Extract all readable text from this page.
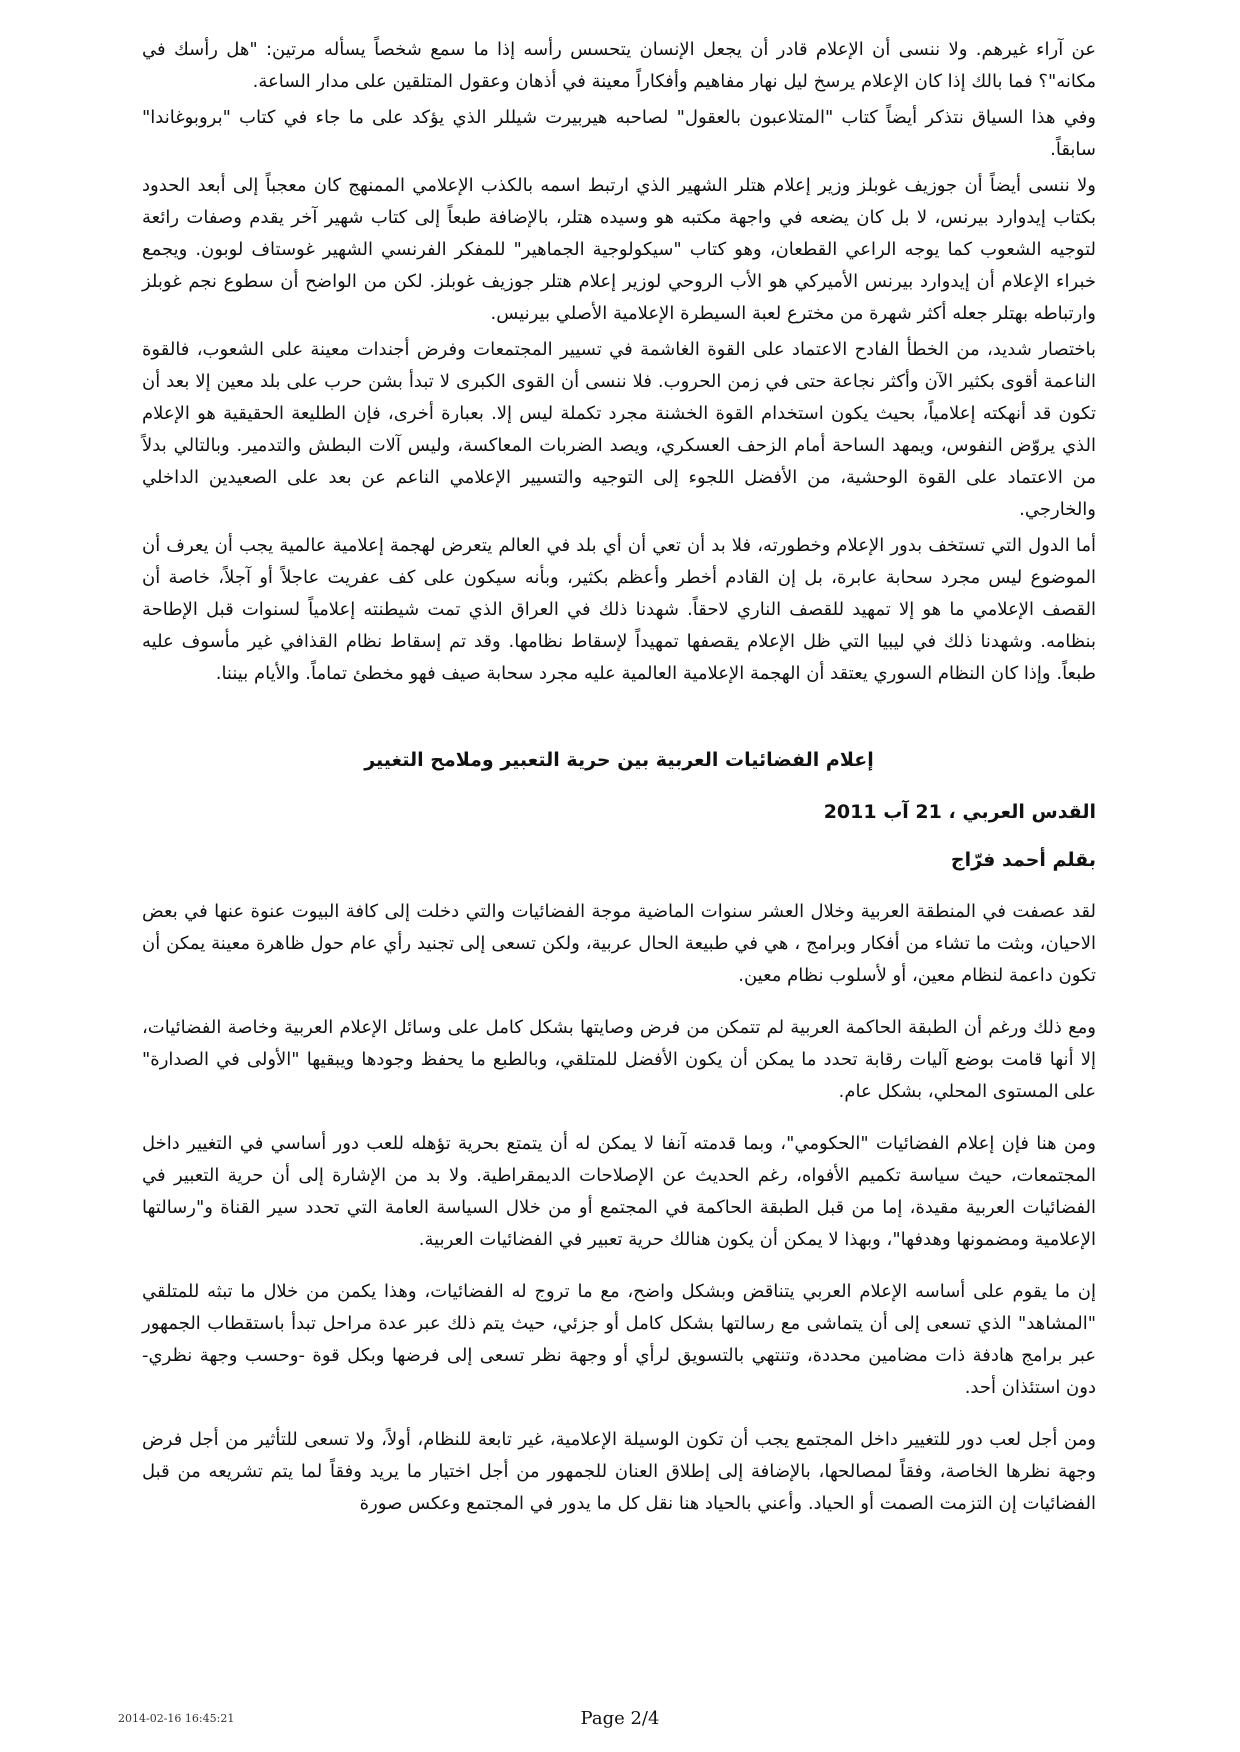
عن آراء غيرهم. ولا ننسى أن الإعلام قادر أن يجعل الإنسان يتحسس رأسه إذا ما سمع شخصاً يسأله مرتين: "هل رأسك في مكانه"؟ فما بالك إذا كان الإعلام يرسخ ليل نهار مفاهيم وأفكاراً معينة في أذهان وعقول المتلقين على مدار الساعة.

وفي هذا السياق نتذكر أيضاً كتاب "المتلاعبون بالعقول" لصاحبه هيربيرت شيللر الذي يؤكد على ما جاء في كتاب "بروبوغاندا" سابقاً.

ولا ننسى أيضاً أن جوزيف غوبلز وزير إعلام هتلر الشهير الذي ارتبط اسمه بالكذب الإعلامي الممنهج كان معجباً إلى أبعد الحدود بكتاب إيدوارد بيرنس، لا بل كان يضعه في واجهة مكتبه هو وسيده هتلر، بالإضافة طبعاً إلى كتاب شهير آخر يقدم وصفات رائعة لتوجيه الشعوب كما يوجه الراعي القطعان، وهو كتاب "سيكولوجية الجماهير" للمفكر الفرنسي الشهير غوستاف لوبون. ويجمع خبراء الإعلام أن إيدوارد بيرنس الأميركي هو الأب الروحي لوزير إعلام هتلر جوزيف غوبلز. لكن من الواضح أن سطوع نجم غوبلز وارتباطه بهتلر جعله أكثر شهرة من مخترع لعبة السيطرة الإعلامية الأصلي بيرنيس.

باختصار شديد، من الخطأ الفادح الاعتماد على القوة الغاشمة في تسيير المجتمعات وفرض أجندات معينة على الشعوب، فالقوة الناعمة أقوى بكثير الآن وأكثر نجاعة حتى في زمن الحروب. فلا ننسى أن القوى الكبرى لا تبدأ بشن حرب على بلد معين إلا بعد أن تكون قد أنهكته إعلامياً، بحيث يكون استخدام القوة الخشنة مجرد تكملة ليس إلا. بعبارة أخرى، فإن الطليعة الحقيقية هو الإعلام الذي يروّض النفوس، ويمهد الساحة أمام الزحف العسكري، ويصد الضربات المعاكسة، وليس آلات البطش والتدمير. وبالتالي بدلاً من الاعتماد على القوة الوحشية، من الأفضل اللجوء إلى التوجيه والتسيير الإعلامي الناعم عن بعد على الصعيدين الداخلي والخارجي.

أما الدول التي تستخف بدور الإعلام وخطورته، فلا بد أن تعي أن أي بلد في العالم يتعرض لهجمة إعلامية عالمية يجب أن يعرف أن الموضوع ليس مجرد سحابة عابرة، بل إن القادم أخطر وأعظم بكثير، وبأنه سيكون على كف عفريت عاجلاً أو آجلاً، خاصة أن القصف الإعلامي ما هو إلا تمهيد للقصف الناري لاحقاً. شهدنا ذلك في العراق الذي تمت شيطنته إعلامياً لسنوات قبل الإطاحة بنظامه. وشهدنا ذلك في ليبيا التي ظل الإعلام يقصفها تمهيداً لإسقاط نظامها. وقد تم إسقاط نظام القذافي غير مأسوف عليه طبعاً. وإذا كان النظام السوري يعتقد أن الهجمة الإعلامية العالمية عليه مجرد سحابة صيف فهو مخطئ تماماً. والأيام بيننا.

إعلام الفضائيات العربية بين حرية التعبير وملامح التغيير
القدس العربي ، 21 آب 2011
بقلم أحمد فرّاج

لقد عصفت في المنطقة العربية وخلال العشر سنوات الماضية موجة الفضائيات والتي دخلت إلى كافة البيوت عنوة عنها في بعض الاحيان، وبثت ما تشاء من أفكار وبرامج ، هي في طبيعة الحال عربية، ولكن تسعى إلى تجنيد رأي عام حول ظاهرة معينة يمكن أن تكون داعمة لنظام معين، أو لأسلوب نظام معين.

ومع ذلك ورغم أن الطبقة الحاكمة العربية لم تتمكن من فرض وصايتها بشكل كامل على وسائل الإعلام العربية وخاصة الفضائيات، إلا أنها قامت بوضع آليات رقابة تحدد ما يمكن أن يكون الأفضل للمتلقي، وبالطبع ما يحفظ وجودها ويبقيها "الأولى في الصدارة" على المستوى المحلي، بشكل عام.

ومن هنا فإن إعلام الفضائيات "الحكومي"، وبما قدمته آنفا لا يمكن له أن يتمتع بحرية تؤهله للعب دور أساسي في التغيير داخل المجتمعات، حيث سياسة تكميم الأفواه، رغم الحديث عن الإصلاحات الديمقراطية. ولا بد من الإشارة إلى أن حرية التعبير في الفضائيات العربية مقيدة، إما من قبل الطبقة الحاكمة في المجتمع أو من خلال السياسة العامة التي تحدد سير القناة و"رسالتها الإعلامية ومضمونها وهدفها"، وبهذا لا يمكن أن يكون هنالك حرية تعبير في الفضائيات العربية.

إن ما يقوم على أساسه الإعلام العربي يتناقض وبشكل واضح، مع ما تروج له الفضائيات، وهذا يكمن من خلال ما تبثه للمتلقي "المشاهد" الذي تسعى إلى أن يتماشى مع رسالتها بشكل كامل أو جزئي، حيث يتم ذلك عبر عدة مراحل تبدأ باستقطاب الجمهور عبر برامج هادفة ذات مضامين محددة، وتنتهي بالتسويق لرأي أو وجهة نظر تسعى إلى فرضها وبكل قوة -وحسب وجهة نظري- دون استئذان أحد.

ومن أجل لعب دور للتغيير داخل المجتمع يجب أن تكون الوسيلة الإعلامية، غير تابعة للنظام، أولاً، ولا تسعى للتأثير من أجل فرض وجهة نظرها الخاصة، وفقاً لمصالحها، بالإضافة إلى إطلاق العنان للجمهور من أجل اختيار ما يريد وفقاً لما يتم تشريعه من قبل الفضائيات إن التزمت الصمت أو الحياد. وأعني بالحياد هنا نقل كل ما يدور في المجتمع وعكس صورة

2014-02-16 16:45:21	Page 2/4
